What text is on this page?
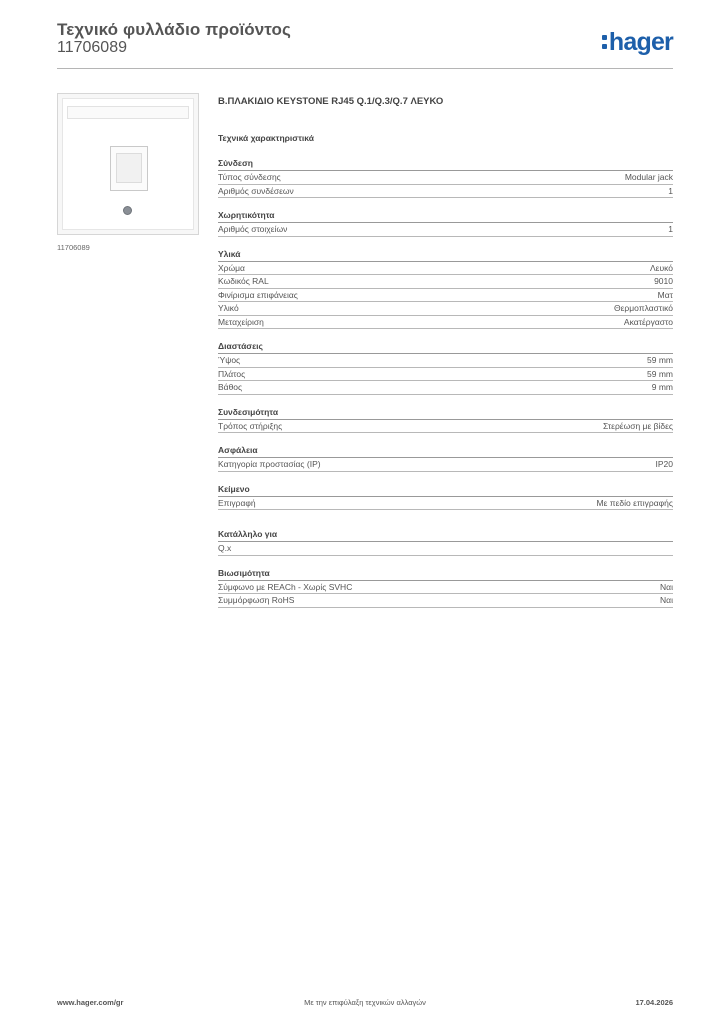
Τεχνικό φυλλάδιο προϊόντος
11706089	hager
11706089
Β.ΠΛΑΚΙΔΙΟ KEYSTONE RJ45 Q.1/Q.3/Q.7 ΛΕΥΚΟ
Τεχνικά χαρακτηριστικά
Σύνδεση
Τύπος σύνδεσης	Modular jack
Αριθμός συνδέσεων	1
Χωρητικότητα
Αριθμός στοιχείων	1
Υλικά
Χρώμα	Λευκό
Κωδικός RAL	9010
Φινίρισμα επιφάνειας	Ματ
Υλικό	Θερμοπλαστικό
Μεταχείριση	Ακατέργαστο
Διαστάσεις
Ύψος	59 mm
Πλάτος	59 mm
Βάθος	9 mm
Συνδεσιμότητα
Τρόπος στήριξης	Στερέωση με βίδες
Ασφάλεια
Κατηγορία προστασίας (IP)	IP20
Κείμενο
Επιγραφή	Με πεδίο επιγραφής
Κατάλληλο για
Q.x
Βιωσιμότητα
Σύμφωνο με REACh - Χωρίς SVHC	Ναι
Συμμόρφωση RoHS	Ναι
www.hager.com/gr	Με την επιφύλαξη τεχνικών αλλαγών	17.04.2026
